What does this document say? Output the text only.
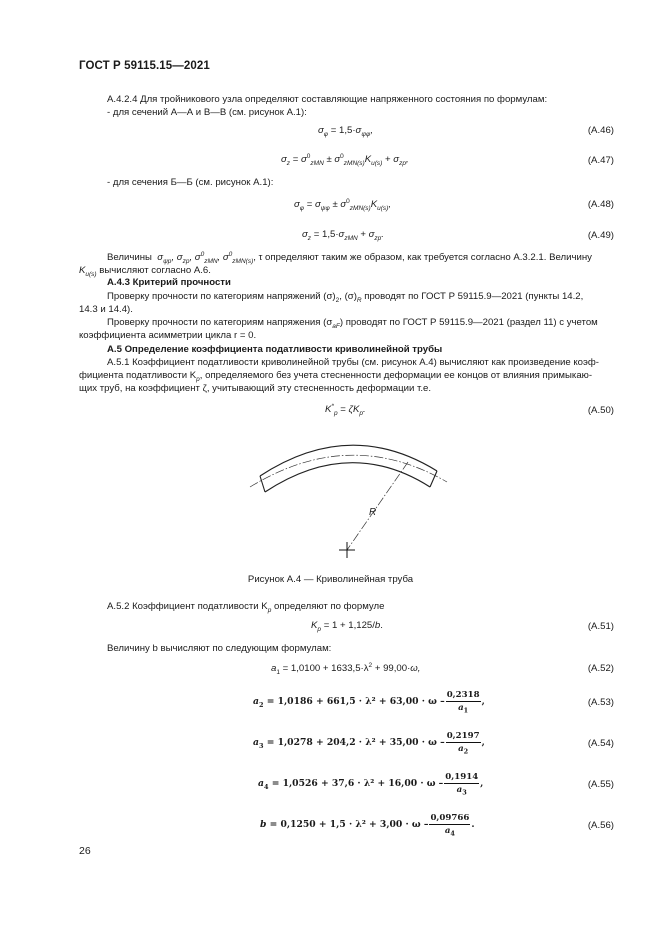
ГОСТ Р 59115.15—2021
А.4.2.4 Для тройникового узла определяют составляющие напряженного состояния по формулам:
- для сечений А—А и В—В (см. рисунок А.1):
$\sigma_\varphi = 1,5\cdot\sigma_{\psi\varphi}$,	(А.46)
$\sigma_z = \sigma^0_{zMN} \pm \sigma^0_{zMN(s)}K_{и(s)} + \sigma_{zp}$,	(А.47)
- для сечения Б—Б (см. рисунок А.1):
$\sigma_\varphi = \sigma_{\psi\varphi} \pm \sigma^0_{zMN(s)}K_{и(s)}$,	(А.48)
$\sigma_z = 1,5\cdot\sigma_{zMN} + \sigma_{zp}$.	(А.49)
Величины $\sigma_{\psi p}$, $\sigma_{zp}$, $\sigma^0_{zMN}$, $\sigma^0_{zMN(s)}$, τ определяют таким же образом, как требуется согласно А.3.2.1. Величину
$K_{и(s)}$ вычисляют согласно А.6.
А.4.3 Критерий прочности
Проверку прочности по категориям напряжений $(\sigma)_2$, $(\sigma)_R$ проводят по ГОСТ Р 59115.9—2021 (пункты 14.2,
14.3 и 14.4).
Проверку прочности по категориям напряжения $(\sigma_{aF})$ проводят по ГОСТ Р 59115.9—2021 (раздел 11) с учетом
коэффициента асимметрии цикла r = 0.
А.5 Определение коэффициента податливости криволинейной трубы
А.5.1 Коэффициент податливости криволинейной трубы (см. рисунок А.4) вычисляют как произведение коэф-
фициента податливости $K_p$, определяемого без учета стесненности деформации ее концов от влияния примыкаю-
щих труб, на коэффициент ζ, учитывающий эту стесненность деформации т.е.
$K^*_p = \zeta K_p$.	(А.50)
R
Рисунок А.4 — Криволинейная труба
А.5.2 Коэффициент податливости $K_p$ определяют по формуле
$K_p = 1 + 1,125/b$.	(А.51)
Величину b вычисляют по следующим формулам:
$a_1 = 1,0100 + 1633,5\cdot\lambda^2 + 99,00\cdot\omega$,	(А.52)
$a_2 = 1,0186 + 661,5 \cdot \lambda^2 + 63,00 \cdot \omega - \frac{0,2318}{a_1}$ ,	(А.53)
$a_3 = 1,0278 + 204,2 \cdot \lambda^2 + 35,00 \cdot \omega - \frac{0,2197}{a_2}$ ,	(А.54)
$a_4 = 1,0526 + 37,6 \cdot \lambda^2 + 16,00 \cdot \omega - \frac{0,1914}{a_3}$ ,	(А.55)
$b = 0,1250 + 1,5 \cdot \lambda^2 + 3,00 \cdot \omega - \frac{0,09766}{a_4}$ .	(А.56)
26
